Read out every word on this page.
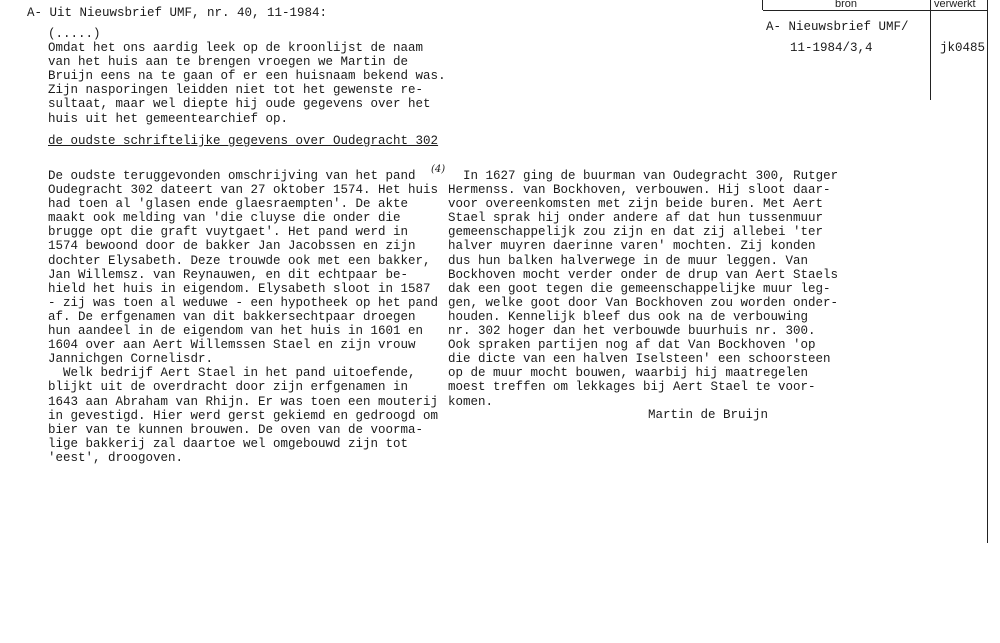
bron	verwerkt
A- Nieuwsbrief UMF/
11-1984/3,4	jk0485
A- Uit Nieuwsbrief UMF, nr. 40, 11-1984:
(.....)
Omdat het ons aardig leek op de kroonlijst de naam
van het huis aan te brengen vroegen we Martin de
Bruijn eens na te gaan of er een huisnaam bekend was.
Zijn nasporingen leidden niet tot het gewenste re-
sultaat, maar wel diepte hij oude gegevens over het
huis uit het gemeentearchief op.
de oudste schriftelijke gegevens over Oudegracht 302
De oudste teruggevonden omschrijving van het pand
Oudegracht 302 dateert van 27 oktober 1574. Het huis
had toen al 'glasen ende glaesraempten'. De akte
maakt ook melding van 'die cluyse die onder die
brugge opt die graft vuytgaet'. Het pand werd in
1574 bewoond door de bakker Jan Jacobssen en zijn
dochter Elysabeth. Deze trouwde ook met een bakker,
Jan Willemsz. van Reynauwen, en dit echtpaar be-
hield het huis in eigendom. Elysabeth sloot in 1587
- zij was toen al weduwe - een hypotheek op het pand
af. De erfgenamen van dit bakkersechtpaar droegen
hun aandeel in de eigendom van het huis in 1601 en
1604 over aan Aert Willemssen Stael en zijn vrouw
Jannichgen Cornelisdr.
Welk bedrijf Aert Stael in het pand uitoefende,
blijkt uit de overdracht door zijn erfgenamen in
1643 aan Abraham van Rhijn. Er was toen een mouterij
in gevestigd. Hier werd gerst gekiemd en gedroogd om
bier van te kunnen brouwen. De oven van de voorma-
lige bakkerij zal daartoe wel omgebouwd zijn tot
'eest', droogoven.
(4)	In 1627 ging de buurman van Oudegracht 300, Rutger
Hermenss. van Bockhoven, verbouwen. Hij sloot daar-
voor overeenkomsten met zijn beide buren. Met Aert
Stael sprak hij onder andere af dat hun tussenmuur
gemeenschappelijk zou zijn en dat zij allebei 'ter
halver muyren daerinne varen' mochten. Zij konden
dus hun balken halverwege in de muur leggen. Van
Bockhoven mocht verder onder de drup van Aert Staels
dak een goot tegen die gemeenschappelijke muur leg-
gen, welke goot door Van Bockhoven zou worden onder-
houden. Kennelijk bleef dus ook na de verbouwing
nr. 302 hoger dan het verbouwde buurhuis nr. 300.
Ook spraken partijen nog af dat Van Bockhoven 'op
die dicte van een halven Iselsteen' een schoorsteen
op de muur mocht bouwen, waarbij hij maatregelen
moest treffen om lekkages bij Aert Stael te voor-
komen.
Martin de Bruijn
